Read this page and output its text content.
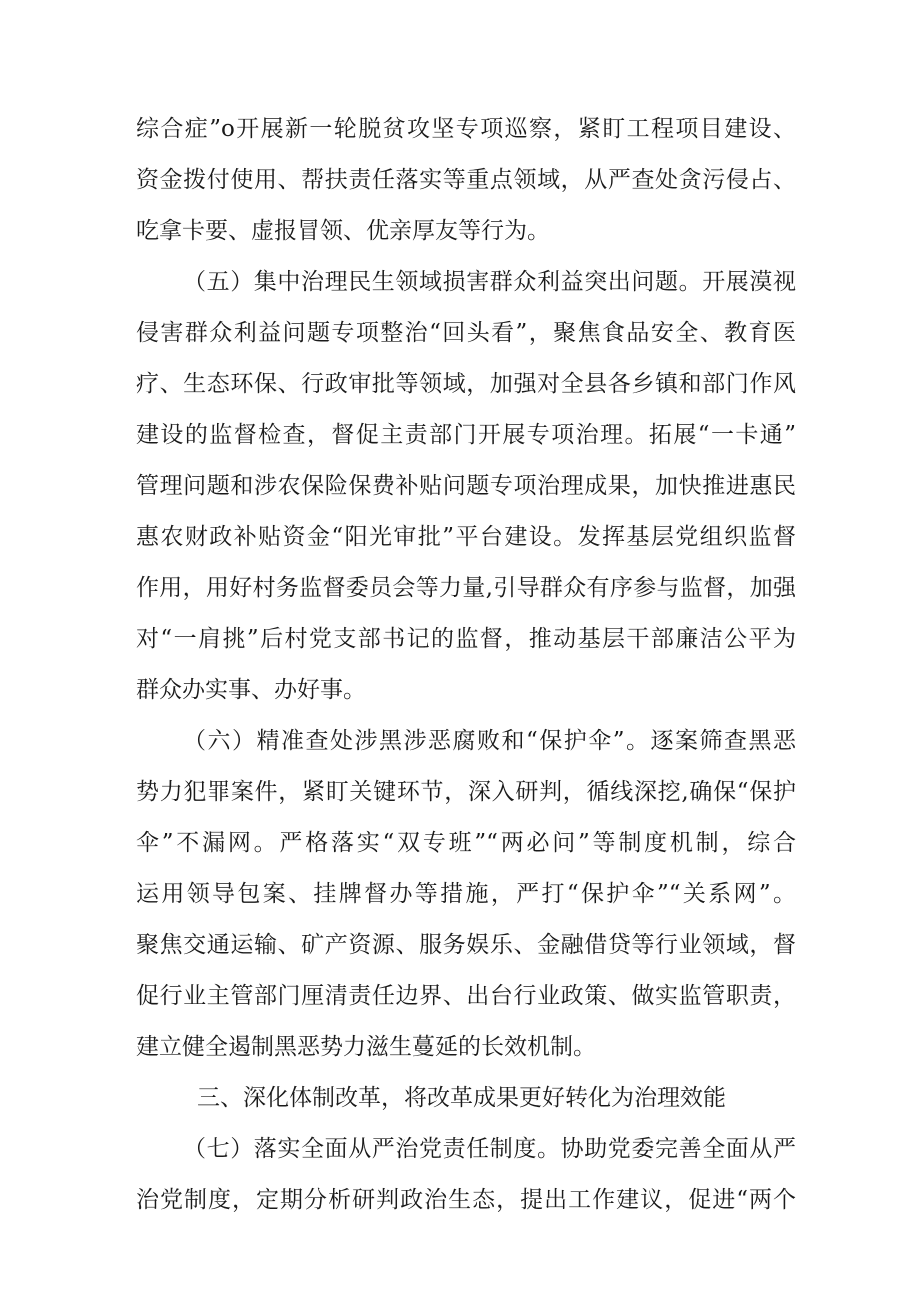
综合症”o开展新一轮脱贫攻坚专项巡察，紧盯工程项目建设、
资金拨付使用、帮扶责任落实等重点领域，从严查处贪污侵占、
吃拿卡要、虚报冒领、优亲厚友等行为。
（五）集中治理民生领域损害群众利益突出问题。开展漠视
侵害群众利益问题专项整治“回头看”，聚焦食品安全、教育医
疗、生态环保、行政审批等领域，加强对全县各乡镇和部门作风
建设的监督检查，督促主责部门开展专项治理。拓展“一卡通”
管理问题和涉农保险保费补贴问题专项治理成果，加快推进惠民
惠农财政补贴资金“阳光审批”平台建设。发挥基层党组织监督
作用，用好村务监督委员会等力量,引导群众有序参与监督，加强
对“一肩挑”后村党支部书记的监督，推动基层干部廉洁公平为
群众办实事、办好事。
（六）精准查处涉黑涉恶腐败和“保护伞”。逐案筛查黑恶
势力犯罪案件，紧盯关键环节，深入研判，循线深挖,确保“保护
伞”不漏网。严格落实“双专班”“两必问”等制度机制，综合
运用领导包案、挂牌督办等措施，严打“保护伞”“关系网”。
聚焦交通运输、矿产资源、服务娱乐、金融借贷等行业领域，督
促行业主管部门厘清责任边界、出台行业政策、做实监管职责，
建立健全遏制黑恶势力滋生蔓延的长效机制。
三、深化体制改革，将改革成果更好转化为治理效能
（七）落实全面从严治党责任制度。协助党委完善全面从严
治党制度，定期分析研判政治生态，提出工作建议，促进“两个
